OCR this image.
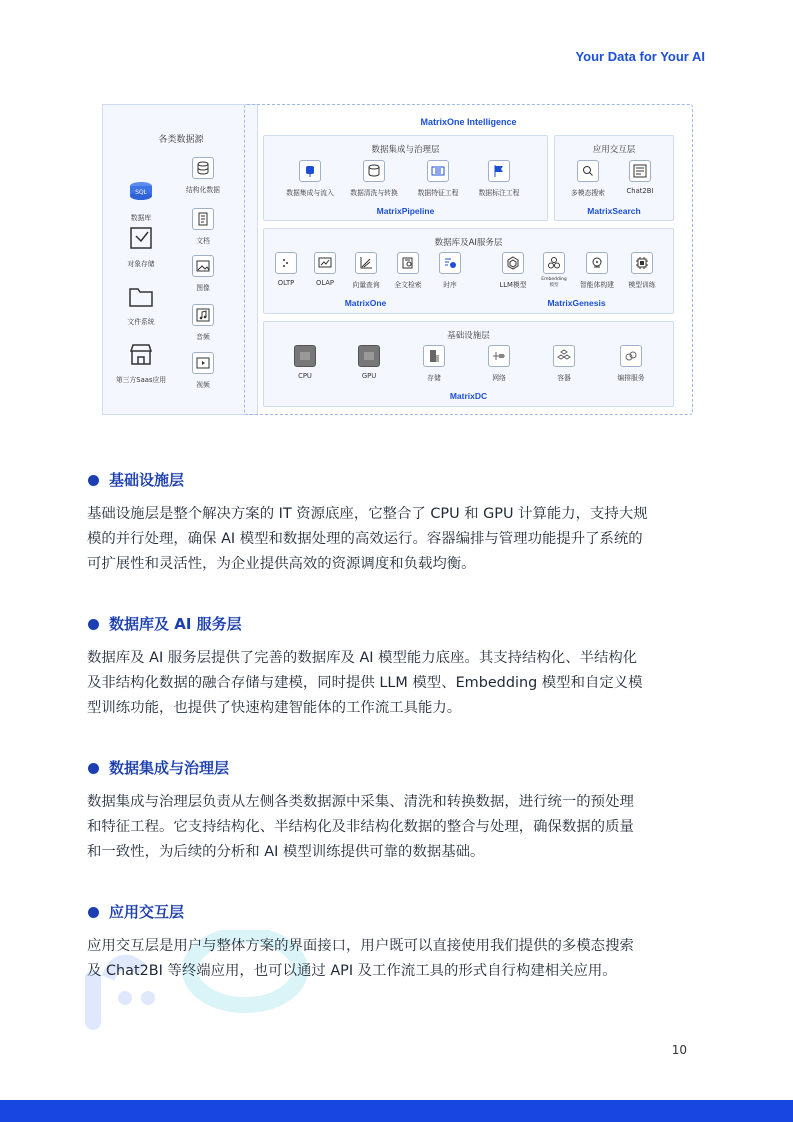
Your Data for Your AI
各类数据源
SQL
数据库
结构化数据
文档
对象存储
图像
文件系统
音频
第三方Saas应用
视频
MatrixOne Intelligence
数据集成与治理层
数据集成与流入	数据清洗与转换	数据特征工程	数据标注工程
MatrixPipeline
应用交互层
多模态搜索	Chat2BI
MatrixSearch
数据库及AI服务层
OLTP	OLAP	向量查询	全文检索	时序	LLM模型
Embedding
模型	智能体构建	模型训练
MatrixOne	MatrixGenesis
基础设施层
CPU	GPU	存储	网络	容器	编排服务
MatrixDC
基础设施层
基础设施层是整个解决方案的 IT 资源底座，它整合了 CPU 和 GPU 计算能力，支持大规
模的并行处理，确保 AI 模型和数据处理的高效运行。容器编排与管理功能提升了系统的
可扩展性和灵活性，为企业提供高效的资源调度和负载均衡。
数据库及 AI 服务层
数据库及 AI 服务层提供了完善的数据库及 AI 模型能力底座。其支持结构化、半结构化
及非结构化数据的融合存储与建模，同时提供 LLM 模型、Embedding 模型和自定义模
型训练功能，也提供了快速构建智能体的工作流工具能力。
数据集成与治理层
数据集成与治理层负责从左侧各类数据源中采集、清洗和转换数据，进行统一的预处理
和特征工程。它支持结构化、半结构化及非结构化数据的整合与处理，确保数据的质量
和一致性，为后续的分析和 AI 模型训练提供可靠的数据基础。
应用交互层
应用交互层是用户与整体方案的界面接口，用户既可以直接使用我们提供的多模态搜索
及 Chat2BI 等终端应用，也可以通过 API 及工作流工具的形式自行构建相关应用。
10
